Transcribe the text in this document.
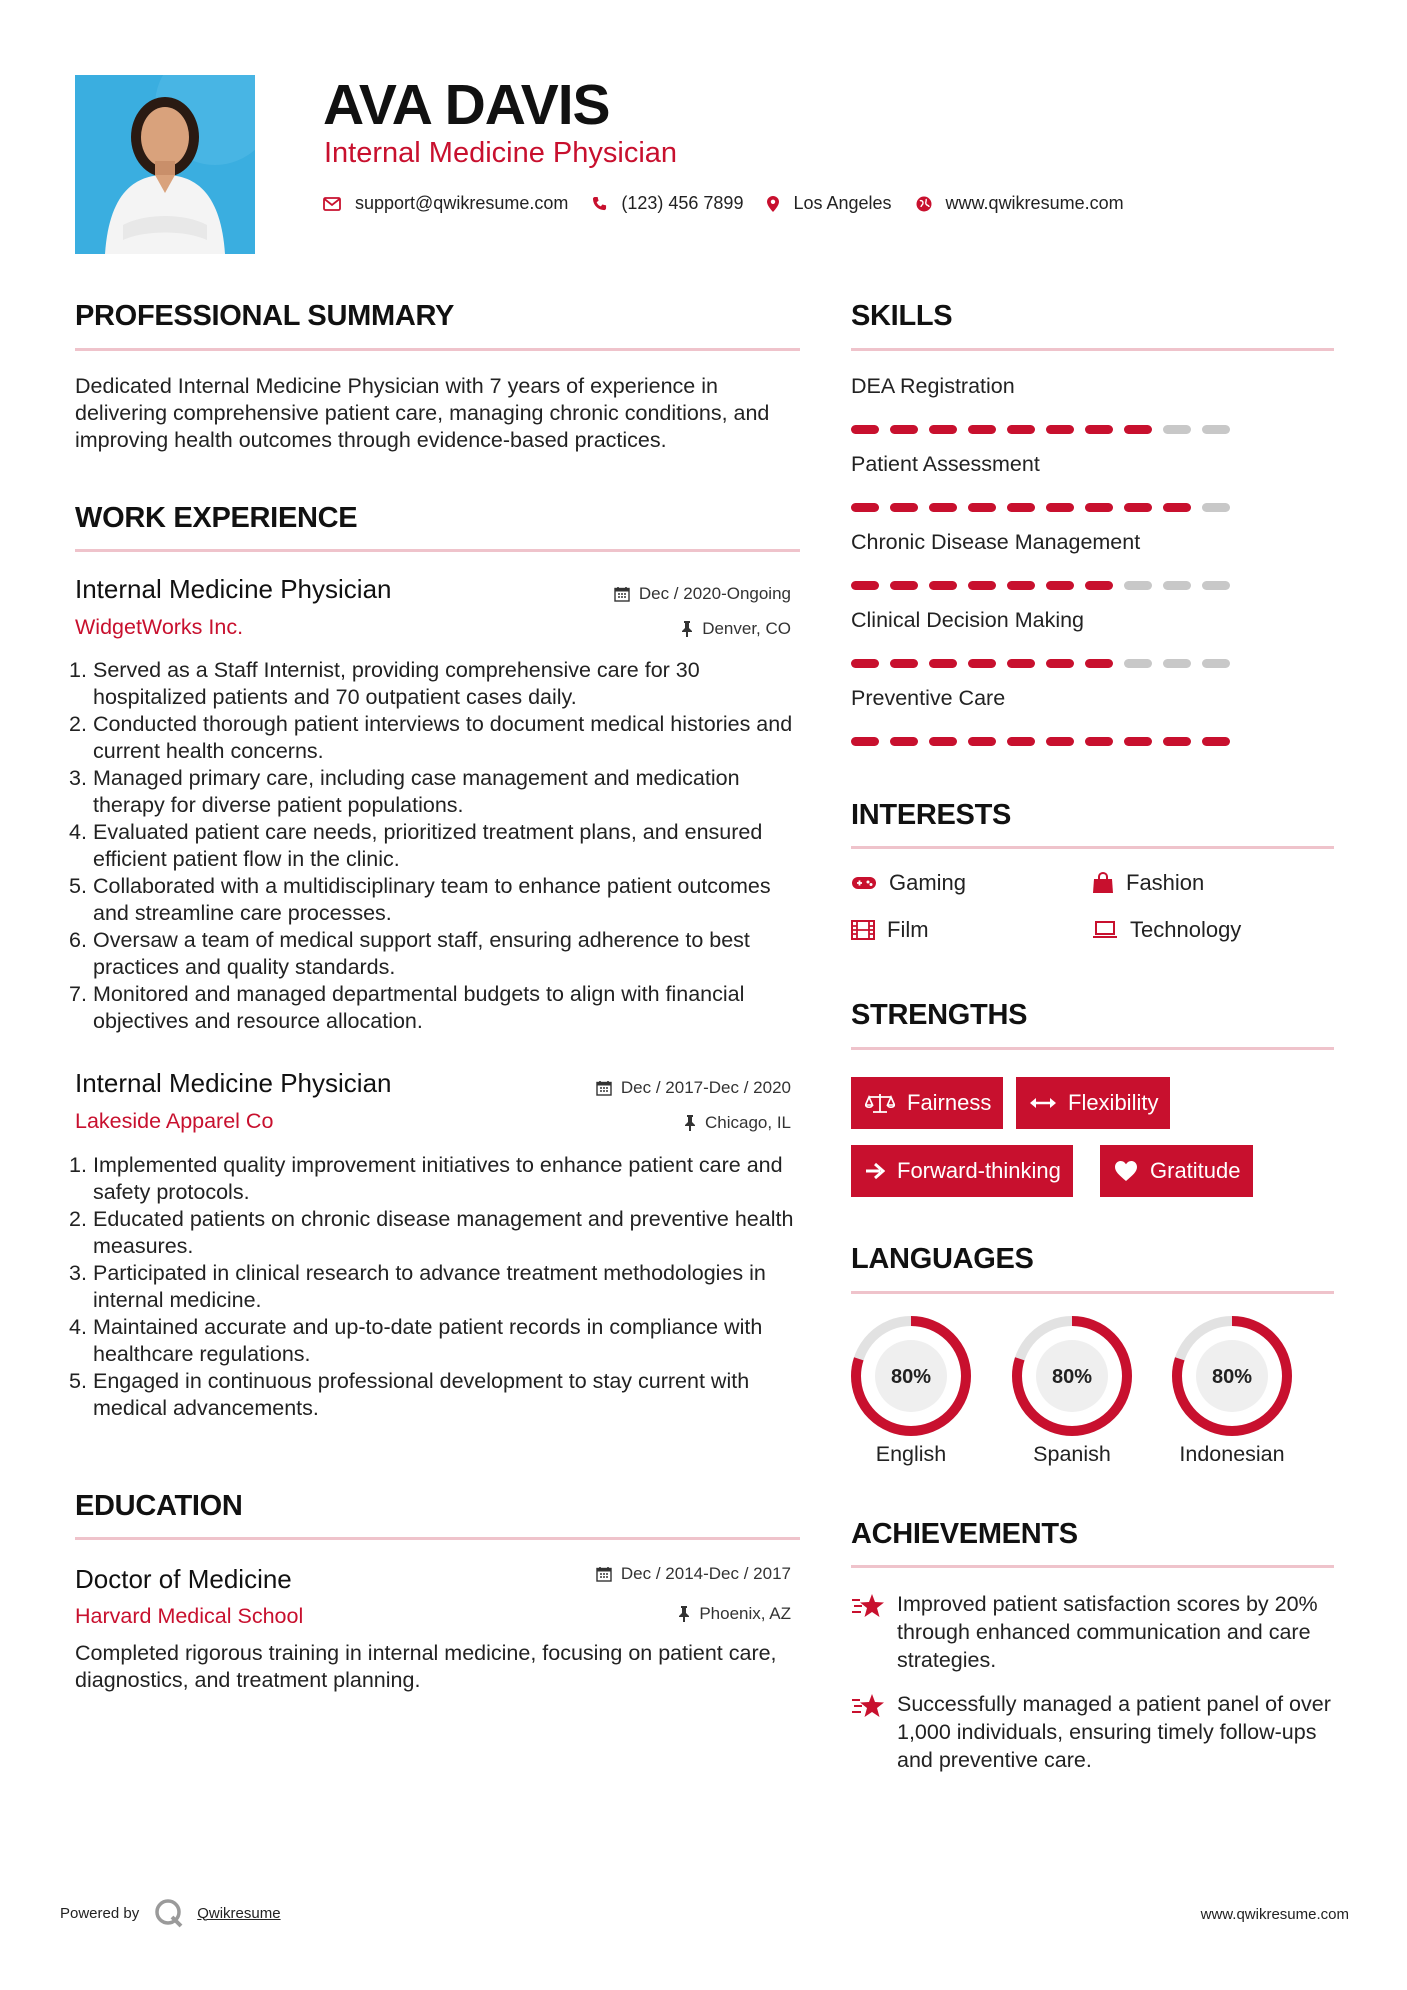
AVA DAVIS
Internal Medicine Physician
support@qwikresume.com	(123) 456 7899	Los Angeles	www.qwikresume.com
PROFESSIONAL SUMMARY
Dedicated Internal Medicine Physician with 7 years of experience in delivering comprehensive patient care, managing chronic conditions, and improving health outcomes through evidence-based practices.
WORK EXPERIENCE
Internal Medicine Physician	Dec / 2020-Ongoing
WidgetWorks Inc.	Denver, CO
1. Served as a Staff Internist, providing comprehensive care for 30 hospitalized patients and 70 outpatient cases daily.
2. Conducted thorough patient interviews to document medical histories and current health concerns.
3. Managed primary care, including case management and medication therapy for diverse patient populations.
4. Evaluated patient care needs, prioritized treatment plans, and ensured efficient patient flow in the clinic.
5. Collaborated with a multidisciplinary team to enhance patient outcomes and streamline care processes.
6. Oversaw a team of medical support staff, ensuring adherence to best practices and quality standards.
7. Monitored and managed departmental budgets to align with financial objectives and resource allocation.
Internal Medicine Physician	Dec / 2017-Dec / 2020
Lakeside Apparel Co	Chicago, IL
1. Implemented quality improvement initiatives to enhance patient care and safety protocols.
2. Educated patients on chronic disease management and preventive health measures.
3. Participated in clinical research to advance treatment methodologies in internal medicine.
4. Maintained accurate and up-to-date patient records in compliance with healthcare regulations.
5. Engaged in continuous professional development to stay current with medical advancements.
EDUCATION
Doctor of Medicine	Dec / 2014-Dec / 2017
Harvard Medical School	Phoenix, AZ
Completed rigorous training in internal medicine, focusing on patient care, diagnostics, and treatment planning.
SKILLS
DEA Registration
Patient Assessment
Chronic Disease Management
Clinical Decision Making
Preventive Care
INTERESTS
Gaming	Fashion
Film	Technology
STRENGTHS
Fairness	Flexibility
Forward-thinking	Gratitude
LANGUAGES
80%
English
80%
Spanish
80%
Indonesian
ACHIEVEMENTS
Improved patient satisfaction scores by 20% through enhanced communication and care strategies.
Successfully managed a patient panel of over 1,000 individuals, ensuring timely follow-ups and preventive care.
Powered by	Qwikresume	www.qwikresume.com
